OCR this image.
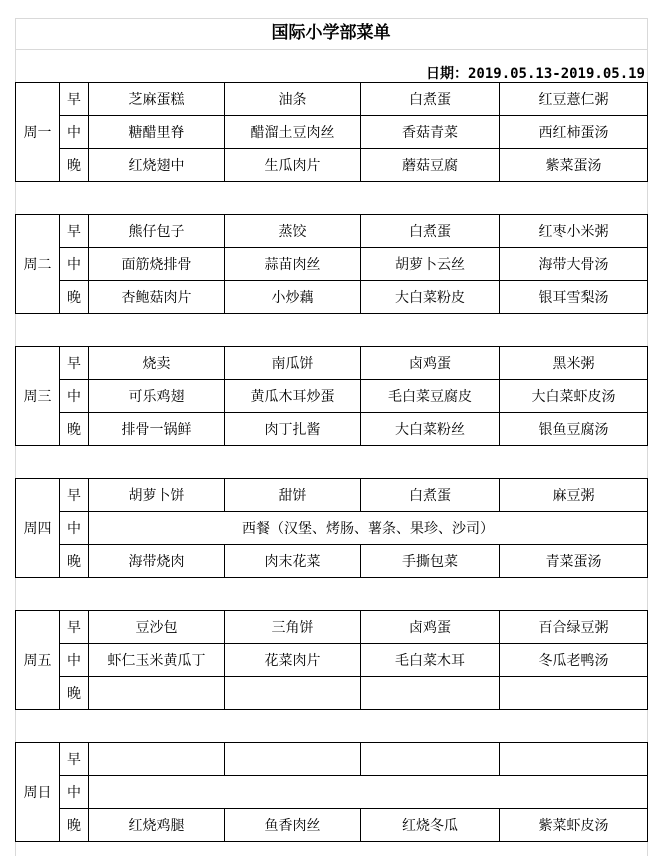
国际小学部菜单
日期：2019.05.13-2019.05.19
周一	早	芝麻蛋糕	油条	白煮蛋	红豆薏仁粥
	中	糖醋里脊	醋溜土豆肉丝	香菇青菜	西红柿蛋汤
	晚	红烧翅中	生瓜肉片	蘑菇豆腐	紫菜蛋汤
周二	早	熊仔包子	蒸饺	白煮蛋	红枣小米粥
	中	面筋烧排骨	蒜苗肉丝	胡萝卜云丝	海带大骨汤
	晚	杏鲍菇肉片	小炒藕	大白菜粉皮	银耳雪梨汤
周三	早	烧卖	南瓜饼	卤鸡蛋	黑米粥
	中	可乐鸡翅	黄瓜木耳炒蛋	毛白菜豆腐皮	大白菜虾皮汤
	晚	排骨一锅鲜	肉丁扎酱	大白菜粉丝	银鱼豆腐汤
周四	早	胡萝卜饼	甜饼	白煮蛋	麻豆粥
	中	西餐（汉堡、烤肠、薯条、果珍、沙司）			
	晚	海带烧肉	肉末花菜	手撕包菜	青菜蛋汤
周五	早	豆沙包	三角饼	卤鸡蛋	百合绿豆粥
	中	虾仁玉米黄瓜丁	花菜肉片	毛白菜木耳	冬瓜老鸭汤
	晚				
周日	早				
	中				
	晚	红烧鸡腿	鱼香肉丝	红烧冬瓜	紫菜虾皮汤
